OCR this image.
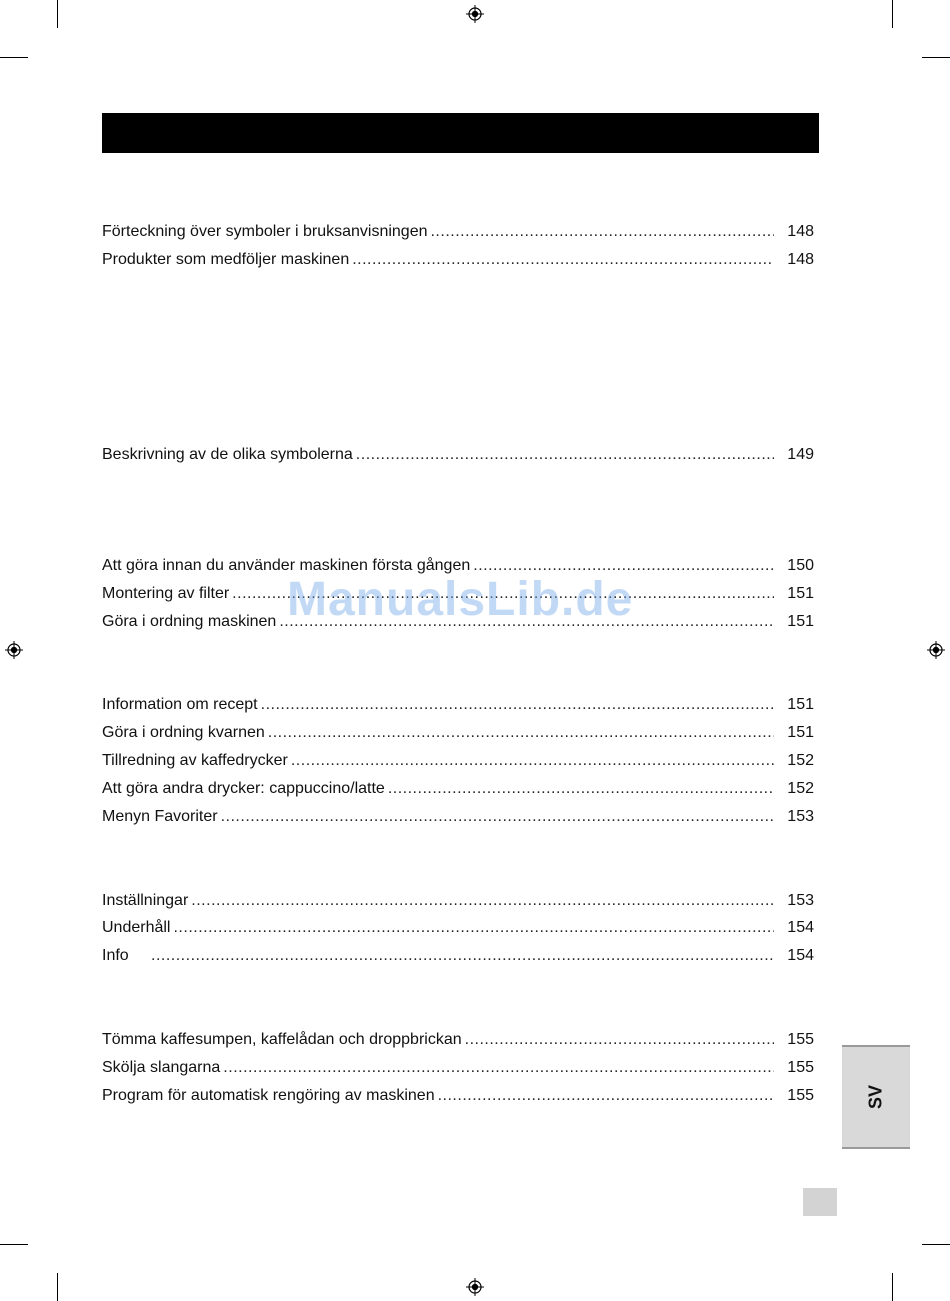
Förteckning över symboler i bruksanvisningen .....	148
Produkter som medföljer maskinen .....	148
Beskrivning av de olika symbolerna .....	149
Att göra innan du använder maskinen första gången .....	150
Montering av filter .....	151
Göra i ordning maskinen .....	151
Information om recept .....	151
Göra i ordning kvarnen .....	151
Tillredning av kaffedrycker .....	152
Att göra andra drycker: cappuccino/latte .....	152
Menyn Favoriter .....	153
Inställningar .....	153
Underhåll .....	154
Info .....	154
Tömma kaffesumpen, kaffelådan och droppbrickan .....	155
Skölja slangarna .....	155
Program för automatisk rengöring av maskinen .....	155
ManualsLib.de
SV
